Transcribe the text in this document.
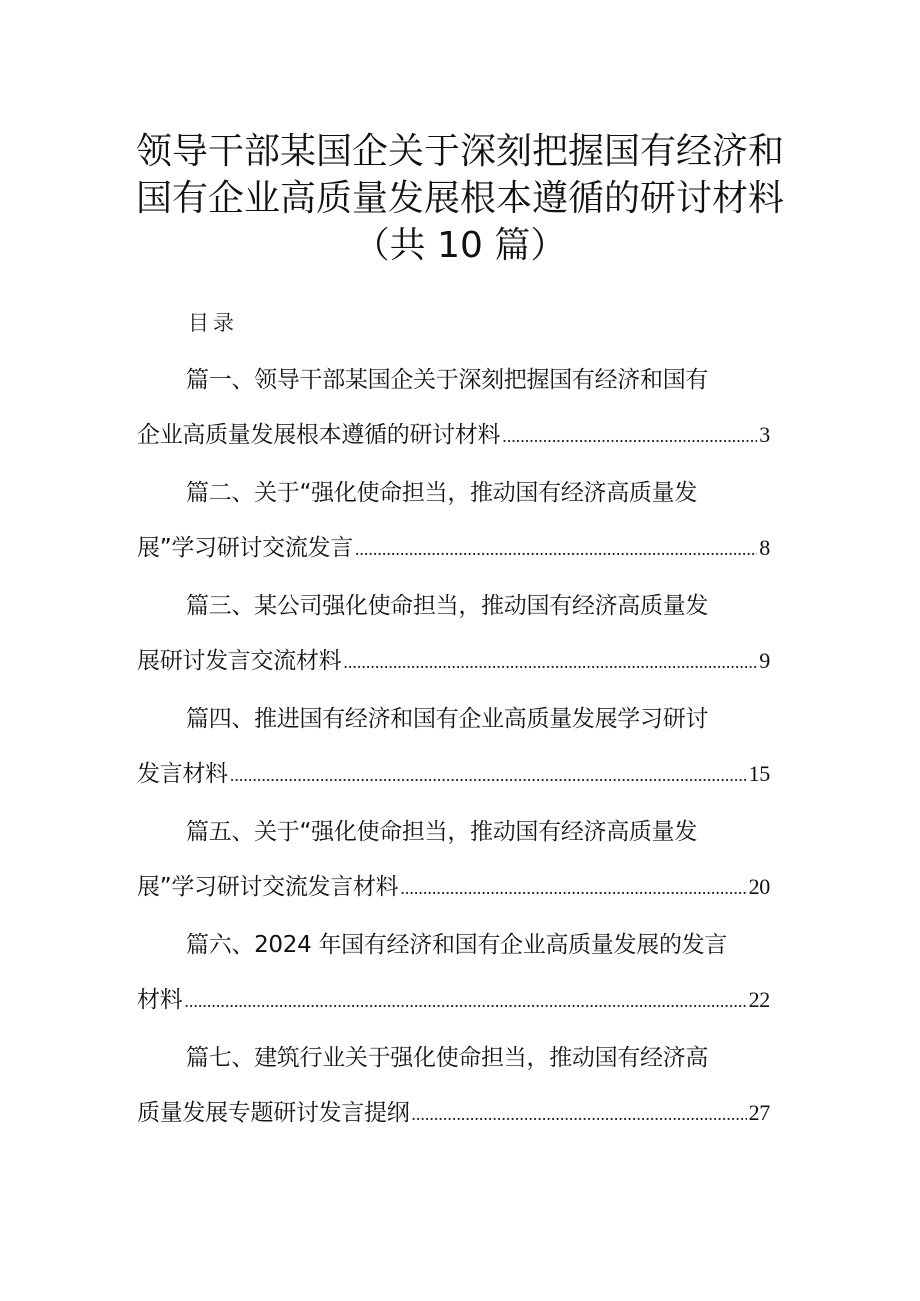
领导干部某国企关于深刻把握国有经济和
国有企业高质量发展根本遵循的研讨材料
（共 10 篇）
目录
篇一、领导干部某国企关于深刻把握国有经济和国有
企业高质量发展根本遵循的研讨材料 .....	3
篇二、关于“强化使命担当，推动国有经济高质量发
展”学习研讨交流发言 .....	8
篇三、某公司强化使命担当，推动国有经济高质量发
展研讨发言交流材料 .....	9
篇四、推进国有经济和国有企业高质量发展学习研讨
发言材料 .....	15
篇五、关于“强化使命担当，推动国有经济高质量发
展”学习研讨交流发言材料 .....	20
篇六、2024 年国有经济和国有企业高质量发展的发言
材料 .....	22
篇七、建筑行业关于强化使命担当，推动国有经济高
质量发展专题研讨发言提纲 .....	27
